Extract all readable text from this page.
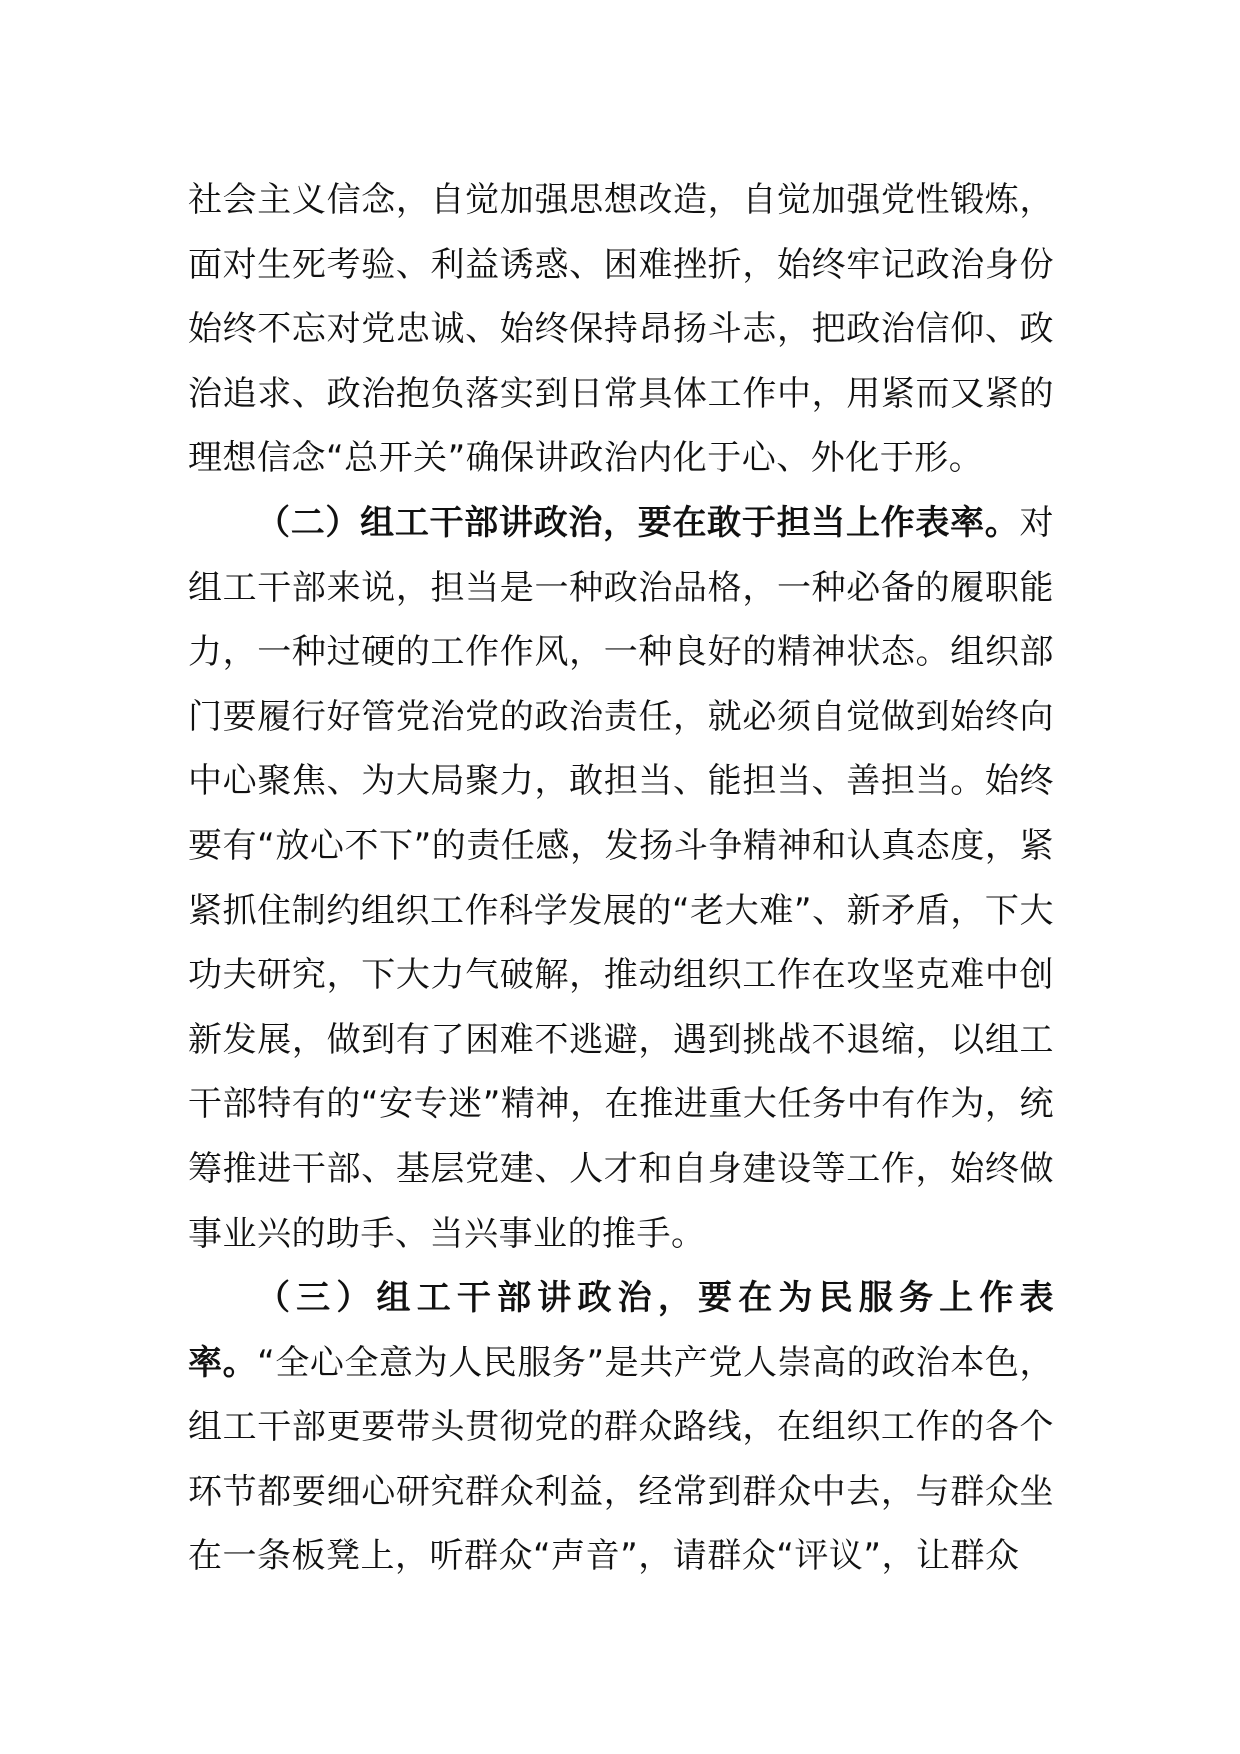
社会主义信念，自觉加强思想改造，自觉加强党性锻炼，面对生死考验、利益诱惑、困难挫折，始终牢记政治身份始终不忘对党忠诚、始终保持昂扬斗志，把政治信仰、政治追求、政治抱负落实到日常具体工作中，用紧而又紧的理想信念“总开关”确保讲政治内化于心、外化于形。

（二）组工干部讲政治，要在敢于担当上作表率。对组工干部来说，担当是一种政治品格，一种必备的履职能力，一种过硬的工作作风，一种良好的精神状态。组织部门要履行好管党治党的政治责任，就必须自觉做到始终向中心聚焦、为大局聚力，敢担当、能担当、善担当。始终要有“放心不下”的责任感，发扬斗争精神和认真态度，紧紧抓住制约组织工作科学发展的“老大难”、新矛盾，下大功夫研究，下大力气破解，推动组织工作在攻坚克难中创新发展，做到有了困难不逃避，遇到挑战不退缩，以组工干部特有的“安专迷”精神，在推进重大任务中有作为，统筹推进干部、基层党建、人才和自身建设等工作，始终做事业兴的助手、当兴事业的推手。

（三）组工干部讲政治，要在为民服务上作表率。“全心全意为人民服务”是共产党人崇高的政治本色，组工干部更要带头贯彻党的群众路线，在组织工作的各个环节都要细心研究群众利益，经常到群众中去，与群众坐在一条板凳上，听群众“声音”，请群众“评议”，让群众
